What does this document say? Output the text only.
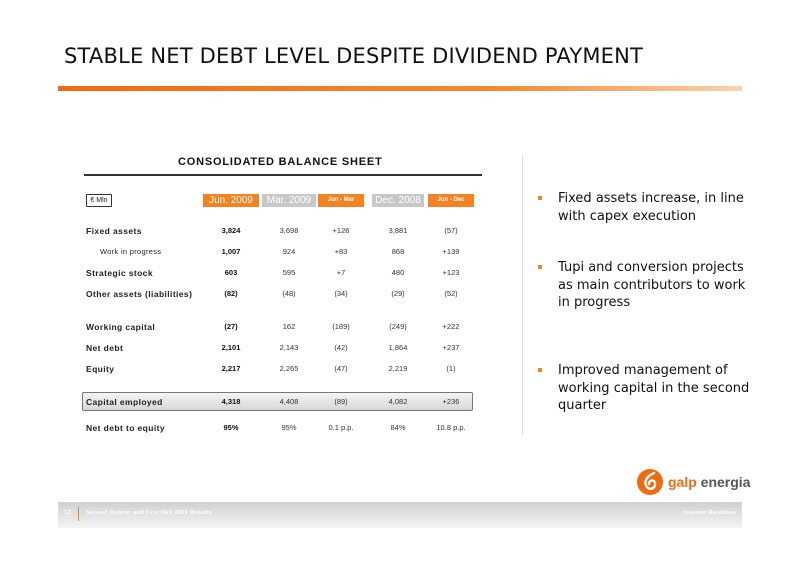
STABLE NET DEBT LEVEL DESPITE DIVIDEND PAYMENT
CONSOLIDATED BALANCE SHEET
€ Mln	Jun. 2009	Mar. 2009	Jun - Mar	Dec. 2008	Jun - Dec
Fixed assets	3,824	3,698	+126	3,881	(57)
Work in progress	1,007	924	+83	868	+139
Strategic stock	603	595	+7	480	+123
Other assets (liabilities)	(82)	(48)	(34)	(29)	(52)
Working capital	(27)	162	(189)	(249)	+222
Net debt	2,101	2,143	(42)	1,864	+237
Equity	2,217	2,265	(47)	2,219	(1)
Capital employed	4,318	4,408	(89)	4,082	+236
Net debt to equity	95%	95%	0.1 p.p.	84%	10.8 p.p.
Fixed assets increase, in line with capex execution
Tupi and conversion projects as main contributors to work in progress
Improved management of working capital in the second quarter
galp energia
13	Second Quarter and First Half 2009 Results	Investor Relations
